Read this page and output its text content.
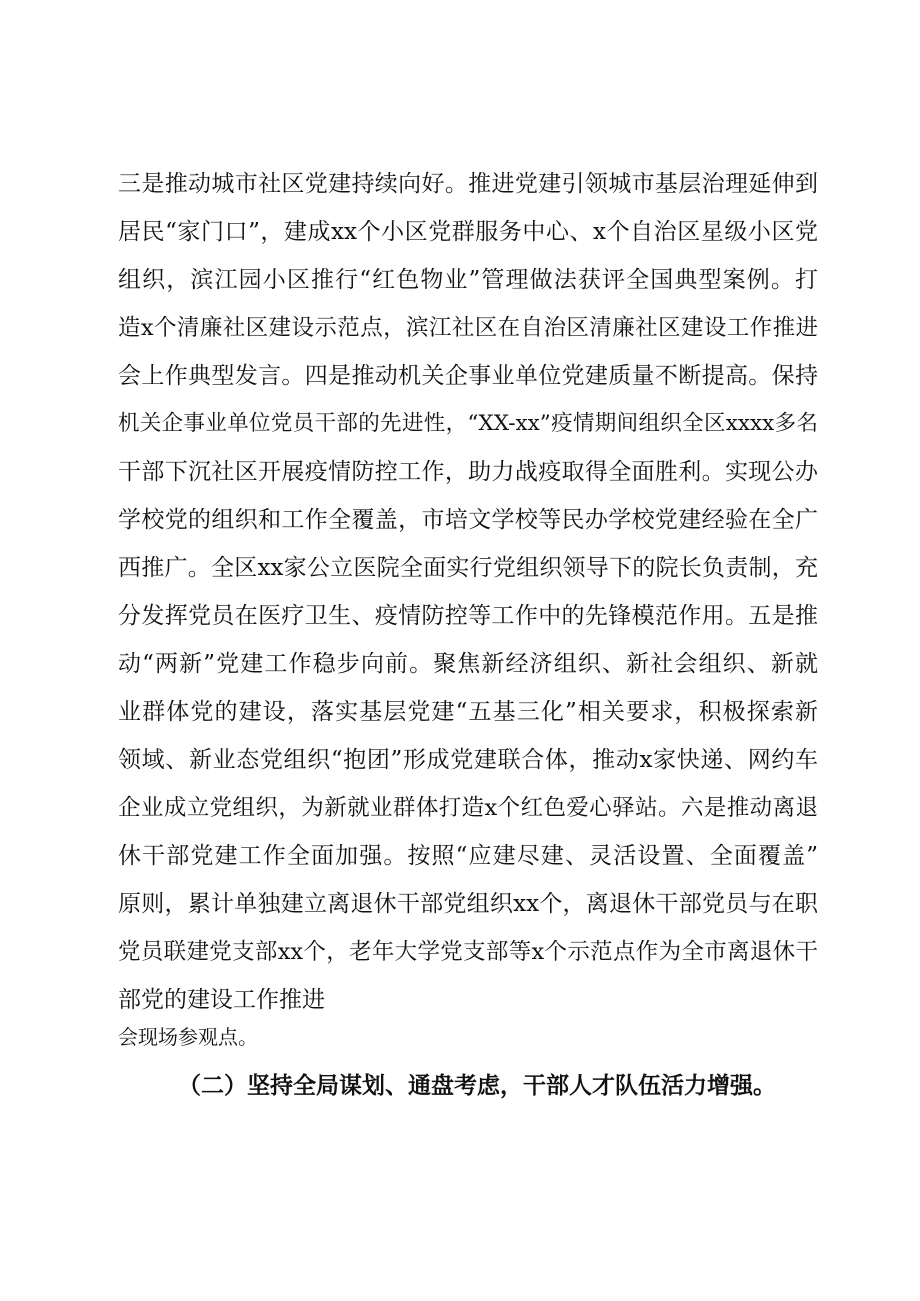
三是推动城市社区党建持续向好。推进党建引领城市基层治理延伸到
居民“家门口”，建成xx个小区党群服务中心、x个自治区星级小区党
组织，滨江园小区推行“红色物业”管理做法获评全国典型案例。打
造x个清廉社区建设示范点，滨江社区在自治区清廉社区建设工作推进
会上作典型发言。四是推动机关企事业单位党建质量不断提高。保持
机关企事业单位党员干部的先进性，“XX-xx”疫情期间组织全区xxxx多名
干部下沉社区开展疫情防控工作，助力战疫取得全面胜利。实现公办
学校党的组织和工作全覆盖，市培文学校等民办学校党建经验在全广
西推广。全区xx家公立医院全面实行党组织领导下的院长负责制，充
分发挥党员在医疗卫生、疫情防控等工作中的先锋模范作用。五是推
动“两新”党建工作稳步向前。聚焦新经济组织、新社会组织、新就
业群体党的建设，落实基层党建“五基三化”相关要求，积极探索新
领域、新业态党组织“抱团”形成党建联合体，推动x家快递、网约车
企业成立党组织，为新就业群体打造x个红色爱心驿站。六是推动离退
休干部党建工作全面加强。按照“应建尽建、灵活设置、全面覆盖”
原则，累计单独建立离退休干部党组织xx个，离退休干部党员与在职
党员联建党支部xx个，老年大学党支部等x个示范点作为全市离退休干
部党的建设工作推进
会现场参观点。
（二）坚持全局谋划、通盘考虑，干部人才队伍活力增强。
